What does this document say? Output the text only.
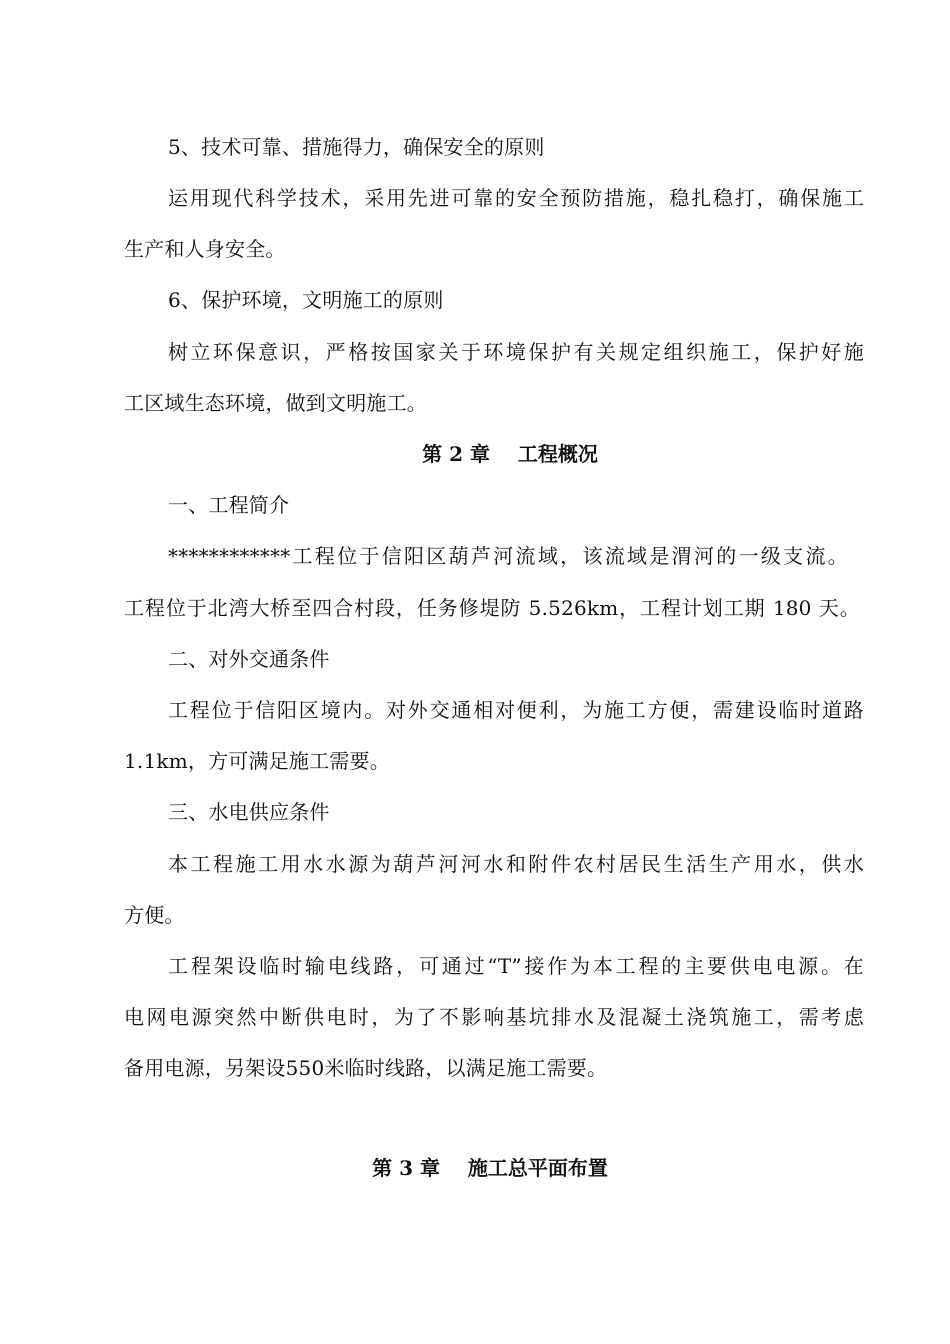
5、技术可靠、措施得力，确保安全的原则
运用现代科学技术，采用先进可靠的安全预防措施，稳扎稳打，确保施工
生产和人身安全。
6、保护环境，文明施工的原则
树立环保意识，严格按国家关于环境保护有关规定组织施工，保护好施
工区域生态环境，做到文明施工。
第 2 章    工程概况
一、工程简介
************工程位于信阳区葫芦河流域，该流域是渭河的一级支流。
工程位于北湾大桥至四合村段，任务修堤防 5.526km，工程计划工期 180 天。
二、对外交通条件
工程位于信阳区境内。对外交通相对便利，为施工方便，需建设临时道路
1.1km，方可满足施工需要。
三、水电供应条件
本工程施工用水水源为葫芦河河水和附件农村居民生活生产用水，供水
方便。
工程架设临时输电线路，可通过“T”接作为本工程的主要供电电源。在
电网电源突然中断供电时，为了不影响基坑排水及混凝土浇筑施工，需考虑
备用电源，另架设550米临时线路，以满足施工需要。
第 3 章    施工总平面布置
